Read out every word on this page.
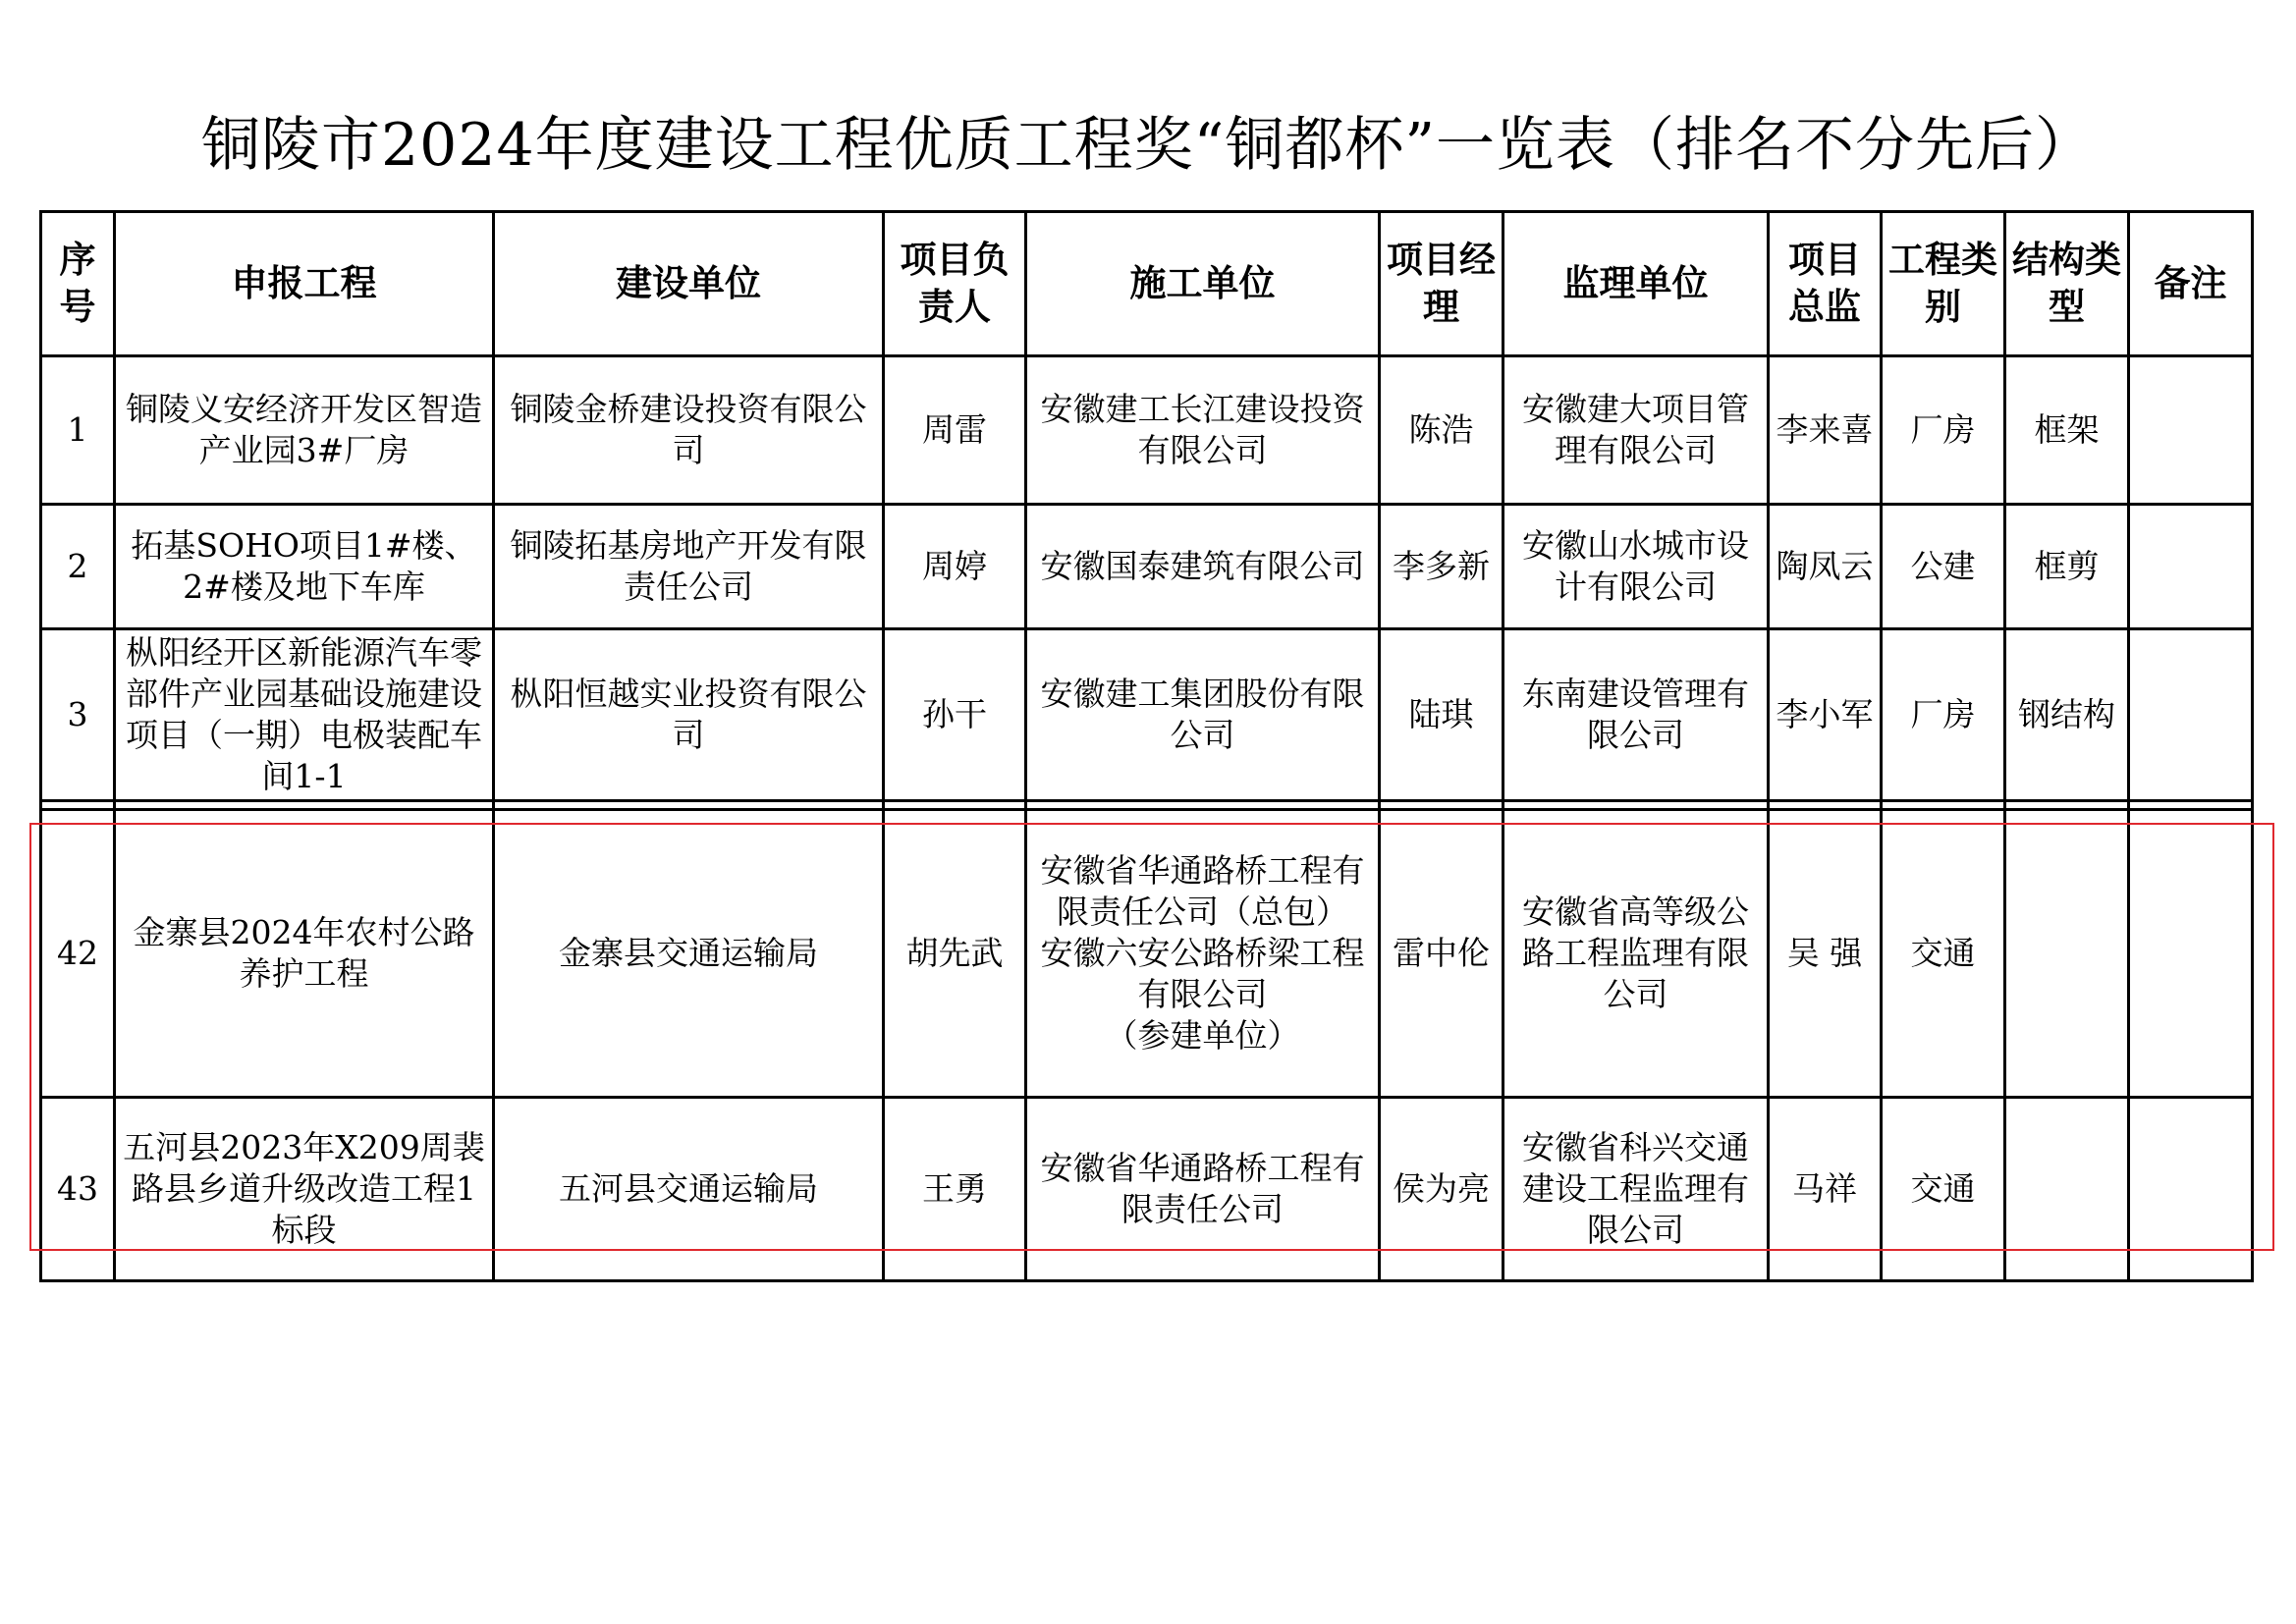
铜陵市2024年度建设工程优质工程奖“铜都杯”一览表（排名不分先后）
序号	申报工程	建设单位	项目负责人	施工单位	项目经理	监理单位	项目总监	工程类别	结构类型	备注
1	铜陵义安经济开发区智造产业园3#厂房	铜陵金桥建设投资有限公司	周雷	安徽建工长江建设投资有限公司	陈浩	安徽建大项目管理有限公司	李来喜	厂房	框架	
2	拓基SOHO项目1#楼、2#楼及地下车库	铜陵拓基房地产开发有限责任公司	周婷	安徽国泰建筑有限公司	李多新	安徽山水城市设计有限公司	陶凤云	公建	框剪	
3	枞阳经开区新能源汽车零部件产业园基础设施建设项目（一期）电极装配车间1-1	枞阳恒越实业投资有限公司	孙干	安徽建工集团股份有限公司	陆琪	东南建设管理有限公司	李小军	厂房	钢结构	

42	金寨县2024年农村公路养护工程	金寨县交通运输局	胡先武	安徽省华通路桥工程有限责任公司（总包）
安徽六安公路桥梁工程有限公司
（参建单位）	雷中伦	安徽省高等级公路工程监理有限公司	吴 强	交通		
43	五河县2023年X209周裴路县乡道升级改造工程1标段	五河县交通运输局	王勇	安徽省华通路桥工程有限责任公司	侯为亮	安徽省科兴交通建设工程监理有限公司	马祥	交通		
